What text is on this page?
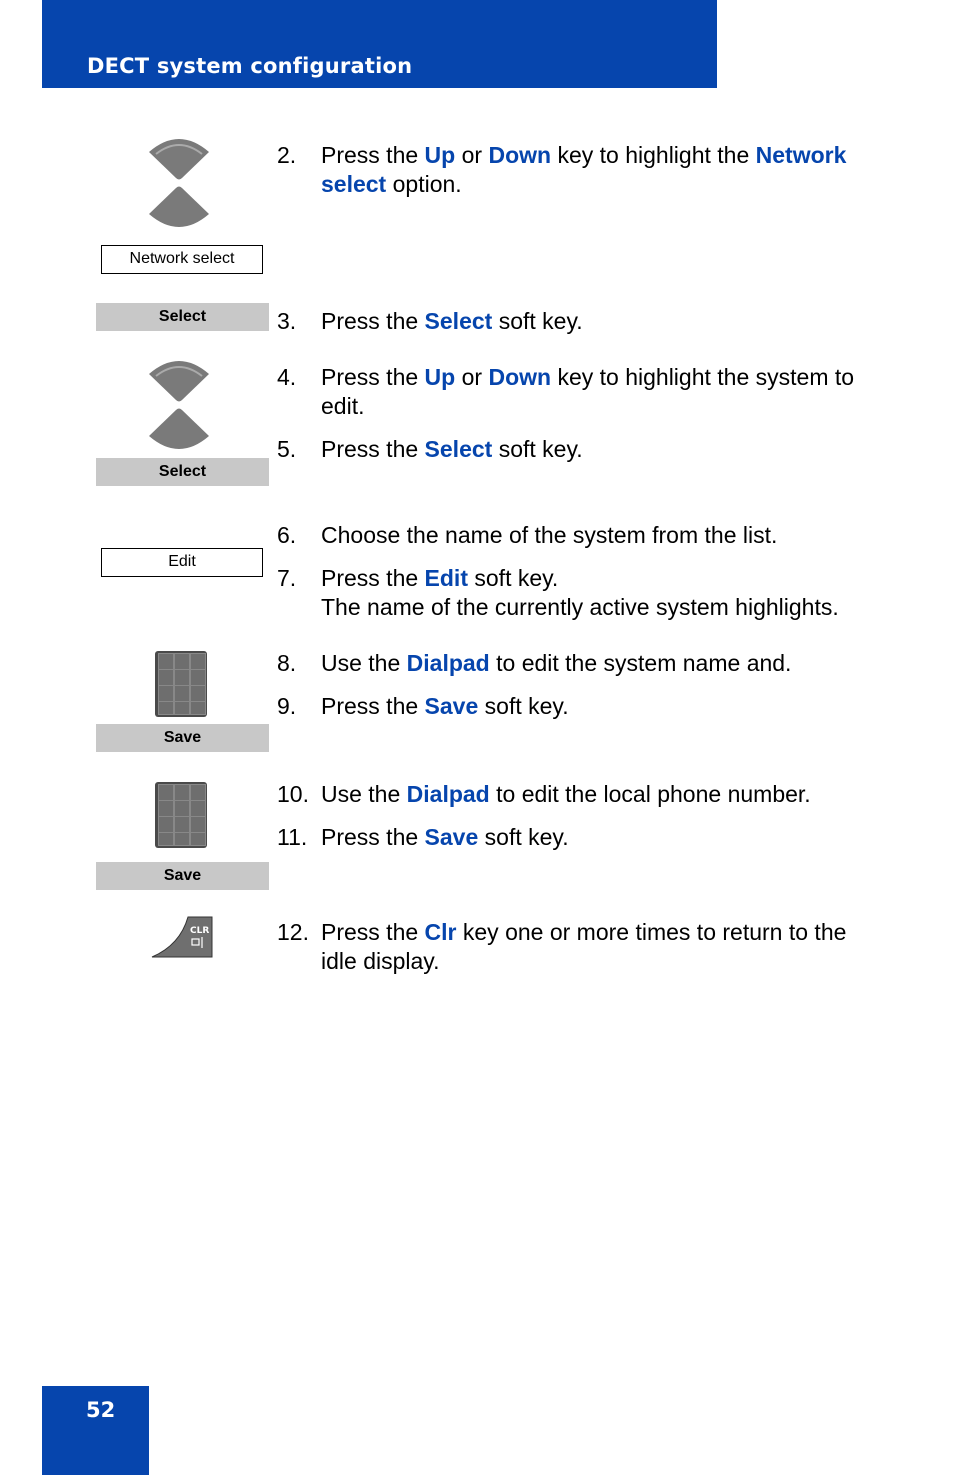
DECT system configuration
Network select
2. Press the Up or Down key to highlight the Network select option.
Select	3. Press the Select soft key.
Select
4. Press the Up or Down key to highlight the system to edit.
5. Press the Select soft key.
Edit
6. Choose the name of the system from the list.
7. Press the Edit soft key.
The name of the currently active system highlights.
Save
8. Use the Dialpad to edit the system name and.
9. Press the Save soft key.
Save
10. Use the Dialpad to edit the local phone number.
11. Press the Save soft key.
CLR	12. Press the Clr key one or more times to return to the idle display.
52
